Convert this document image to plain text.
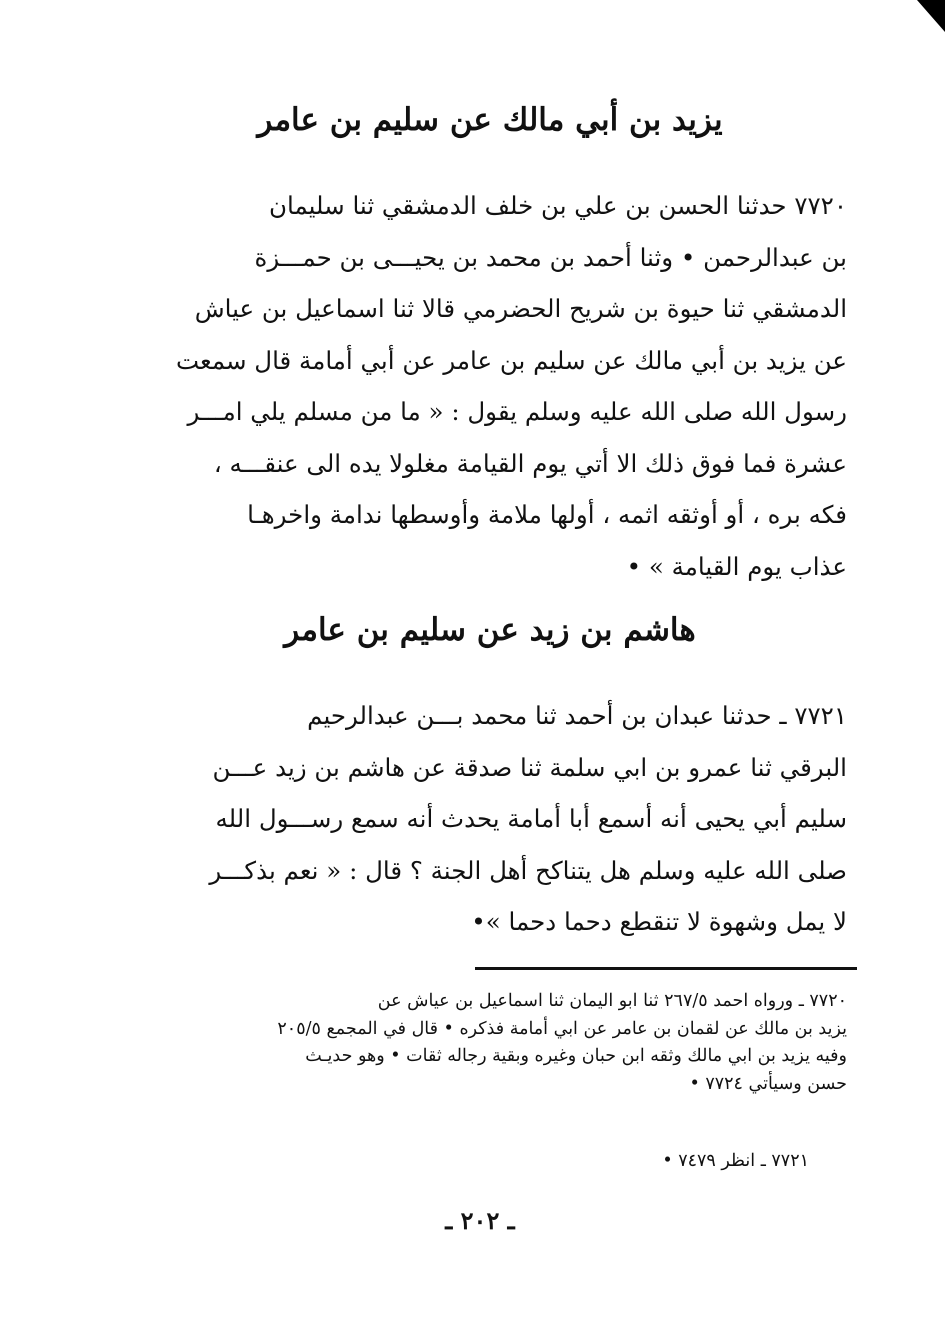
يزيد بن أبي مالك عن سليم بن عامر
٧٧٢٠ حدثنا الحسن بن علي بن خلف الدمشقي ثنا سليمان
بن عبدالرحمن • وثنا أحمد بن محمد بن يحيـــى بن حمـــزة
الدمشقي ثنا حيوة بن شريح الحضرمي قالا ثنا اسماعيل بن عياش
عن يزيد بن أبي مالك عن سليم بن عامر عن أبي أمامة قال سمعت
رسول الله صلى الله عليه وسلم يقول : « ما من مسلم يلي امـــر
عشرة فما فوق ذلك الا أتي يوم القيامة مغلولا يده الى عنقـــه ،
فكه بره ، أو أوثقه اثمه ، أولها ملامة وأوسطها ندامة واخرهـا
عذاب يوم القيامة » •
هاشم بن زيد عن سليم بن عامر
٧٧٢١ ـ حدثنا عبدان بن أحمد ثنا محمد بـــن عبدالرحيم
البرقي ثنا عمرو بن ابي سلمة ثنا صدقة عن هاشم بن زيد عـــن
سليم أبي يحيى أنه أسمع أبا أمامة يحدث أنه سمع رســـول الله
صلى الله عليه وسلم هل يتناكح أهل الجنة ؟ قال : « نعم بذكـــر
لا يمل وشهوة لا تنقطع دحما دحما »•
٧٧٢٠ ـ ورواه احمد ٢٦٧/٥ ثنا ابو اليمان ثنا اسماعيل بن عياش عن
يزيد بن مالك عن لقمان بن عامر عن ابي أمامة فذكره • قال في المجمع ٢٠٥/٥
وفيه يزيد بن ابي مالك وثقه ابن حبان وغيره وبقية رجاله ثقات • وهو حديـث
حسن وسيأتي ٧٧٢٤ •
٧٧٢١ ـ انظر ٧٤٧٩ •
ـ ٢٠٢ ـ
